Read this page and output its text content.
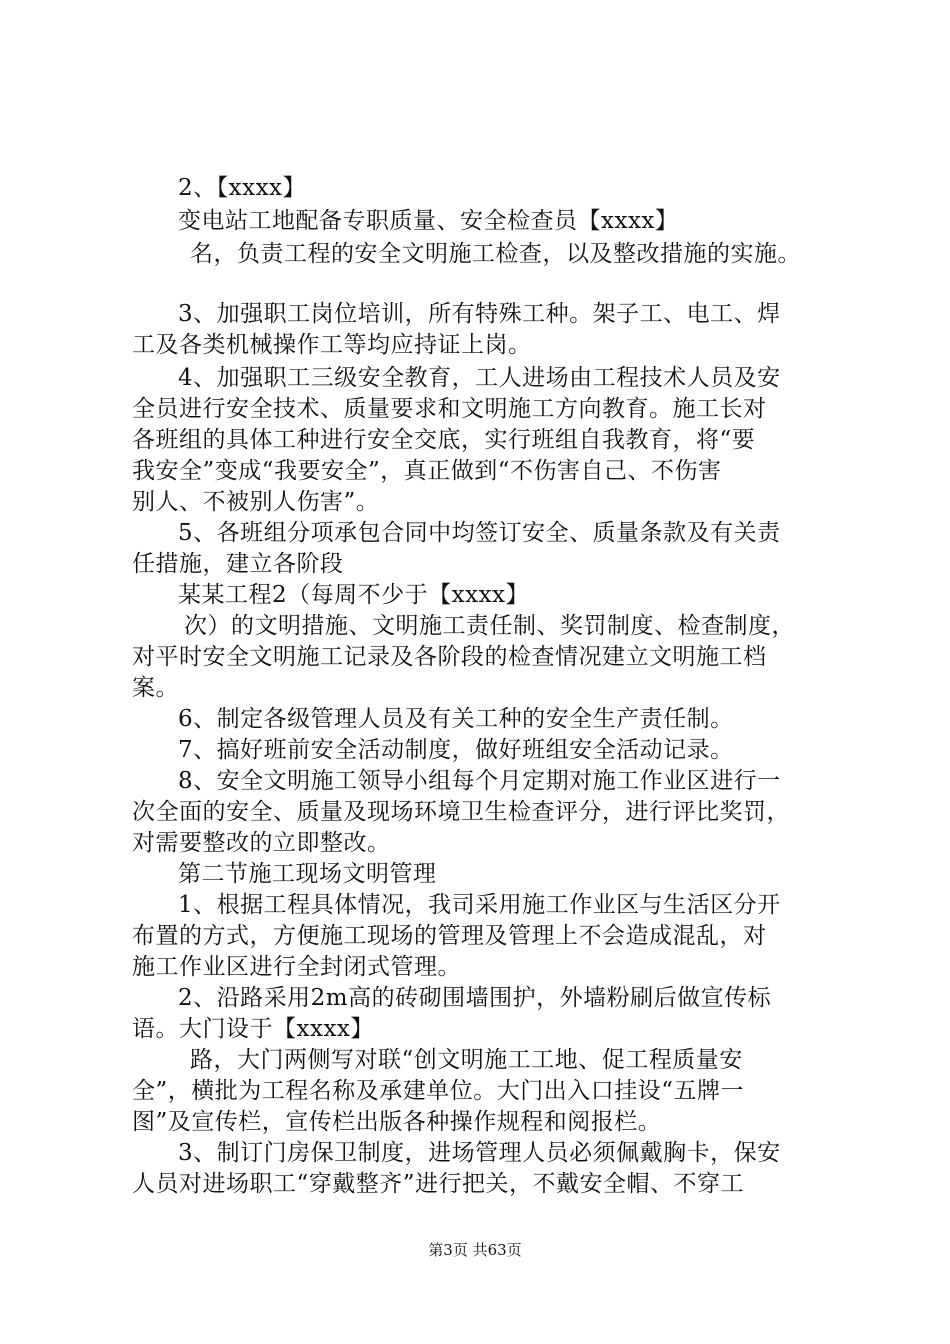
2、【xxxx】
变电站工地配备专职质量、安全检查员【xxxx】
名，负责工程的安全文明施工检查，以及整改措施的实施。
3、加强职工岗位培训，所有特殊工种。架子工、电工、焊
工及各类机械操作工等均应持证上岗。
4、加强职工三级安全教育，工人进场由工程技术人员及安
全员进行安全技术、质量要求和文明施工方向教育。施工长对
各班组的具体工种进行安全交底，实行班组自我教育，将“要
我安全”变成“我要安全”，真正做到“不伤害自己、不伤害
别人、不被别人伤害”。
5、各班组分项承包合同中均签订安全、质量条款及有关责
任措施，建立各阶段
某某工程2（每周不少于【xxxx】
次）的文明措施、文明施工责任制、奖罚制度、检查制度，
对平时安全文明施工记录及各阶段的检查情况建立文明施工档
案。
6、制定各级管理人员及有关工种的安全生产责任制。
7、搞好班前安全活动制度，做好班组安全活动记录。
8、安全文明施工领导小组每个月定期对施工作业区进行一
次全面的安全、质量及现场环境卫生检查评分，进行评比奖罚，
对需要整改的立即整改。
第二节施工现场文明管理
1、根据工程具体情况，我司采用施工作业区与生活区分开
布置的方式，方便施工现场的管理及管理上不会造成混乱，对
施工作业区进行全封闭式管理。
2、沿路采用2m高的砖砌围墙围护，外墙粉刷后做宣传标
语。大门设于【xxxx】
路，大门两侧写对联“创文明施工工地、促工程质量安
全”，横批为工程名称及承建单位。大门出入口挂设“五牌一
图”及宣传栏，宣传栏出版各种操作规程和阅报栏。
3、制订门房保卫制度，进场管理人员必须佩戴胸卡，保安
人员对进场职工“穿戴整齐”进行把关，不戴安全帽、不穿工
第3页 共63页
